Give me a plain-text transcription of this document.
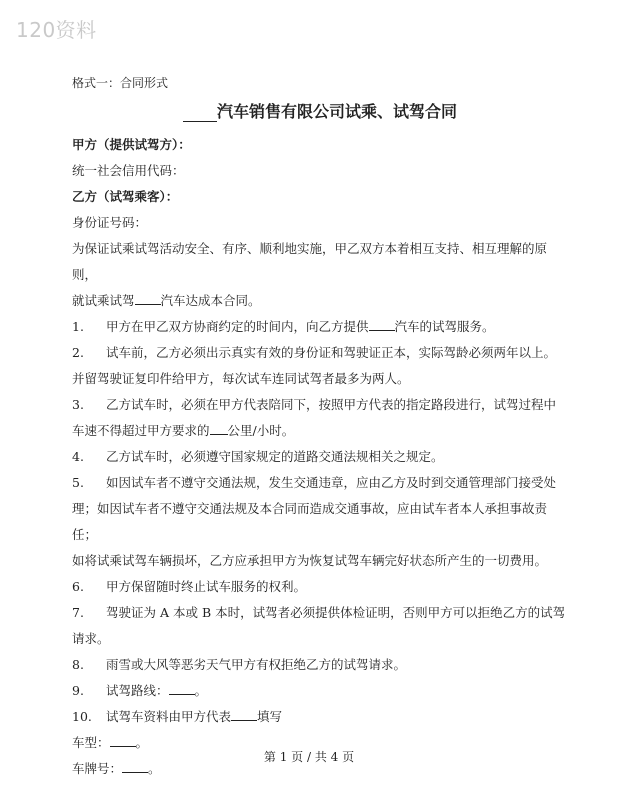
120资料
格式一：合同形式
汽车销售有限公司试乘、试驾合同
甲方（提供试驾方）：
统一社会信用代码：
乙方（试驾乘客）：
身份证号码：
为保证试乘试驾活动安全、有序、顺利地实施，甲乙双方本着相互支持、相互理解的原则，
就试乘试驾 汽车达成本合同。
1. 甲方在甲乙双方协商约定的时间内，向乙方提供 汽车的试驾服务。
2. 试车前，乙方必须出示真实有效的身份证和驾驶证正本，实际驾龄必须两年以上。
并留驾驶证复印件给甲方，每次试车连同试驾者最多为两人。
3. 乙方试车时，必须在甲方代表陪同下，按照甲方代表的指定路段进行，试驾过程中
车速不得超过甲方要求的 公里/小时。
4. 乙方试车时，必须遵守国家规定的道路交通法规相关之规定。
5. 如因试车者不遵守交通法规，发生交通违章，应由乙方及时到交通管理部门接受处
理；如因试车者不遵守交通法规及本合同而造成交通事故，应由试车者本人承担事故责任；
如将试乘试驾车辆损坏，乙方应承担甲方为恢复试驾车辆完好状态所产生的一切费用。
6. 甲方保留随时终止试车服务的权利。
7. 驾驶证为 A 本或 B 本时，试驾者必须提供体检证明，否则甲方可以拒绝乙方的试驾
请求。
8. 雨雪或大风等恶劣天气甲方有权拒绝乙方的试驾请求。
9. 试驾路线： 。
10. 试驾车资料由甲方代表 填写
车型： 。
车牌号： 。
第 1 页 / 共 4 页
